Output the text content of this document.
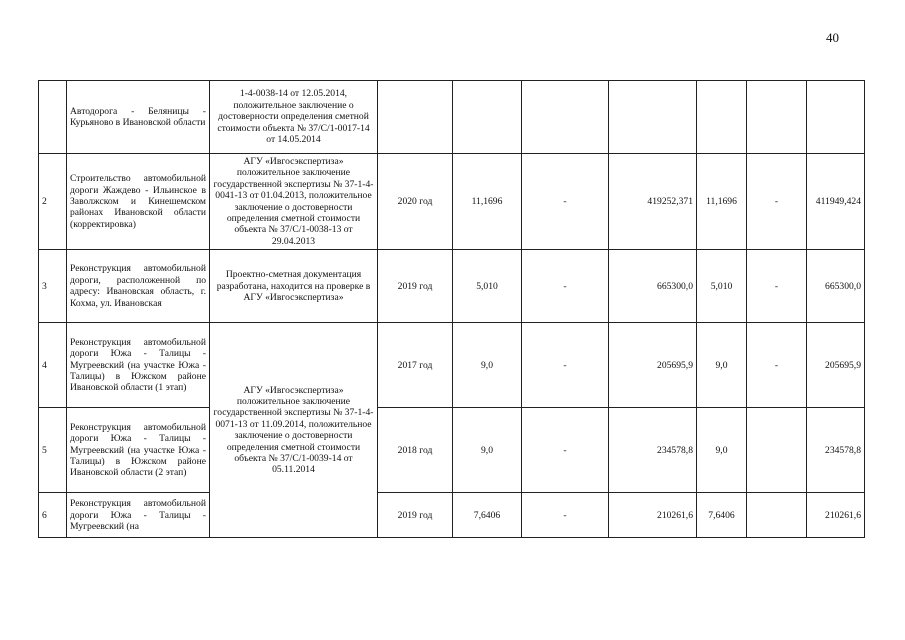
40
	Автодорога - Беляницы - Курьяново в Ивановской области	1-4-0038-14 от 12.05.2014, положительное заключение о достоверности определения сметной стоимости объекта № 37/С/1-0017-14 от 14.05.2014							
2	Строительство автомобильной дороги Жаждево - Ильинское в Заволжском и Кинешемском районах Ивановской области (корректировка)	АГУ «Ивгосэкспертиза» положительное заключение государственной экспертизы № 37-1-4-0041-13 от 01.04.2013, положительное заключение о достоверности определения сметной стоимости объекта № 37/С/1-0038-13 от 29.04.2013	2020 год	11,1696	-	419252,371	11,1696	-	411949,424
3	Реконструкция автомобильной дороги, расположенной по адресу: Ивановская область, г. Кохма, ул. Ивановская	Проектно-сметная документация разработана, находится на проверке в АГУ «Ивгосэкспертиза»	2019 год	5,010	-	665300,0	5,010	-	665300,0
4	Реконструкция автомобильной дороги Южа - Талицы - Мугреевский (на участке Южа - Талицы) в Южском районе Ивановской области (1 этап)	АГУ «Ивгосэкспертиза» положительное заключение государственной экспертизы № 37-1-4-0071-13 от 11.09.2014, положительное заключение о достоверности определения сметной стоимости объекта № 37/С/1-0039-14 от 05.11.2014	2017 год	9,0	-	205695,9	9,0	-	205695,9
5	Реконструкция автомобильной дороги Южа - Талицы - Мугреевский (на участке Южа - Талицы) в Южском районе Ивановской области (2 этап)		2018 год	9,0	-	234578,8	9,0		234578,8
6	Реконструкция автомобильной дороги Южа - Талицы - Мугреевский (на		2019 год	7,6406	-	210261,6	7,6406		210261,6
